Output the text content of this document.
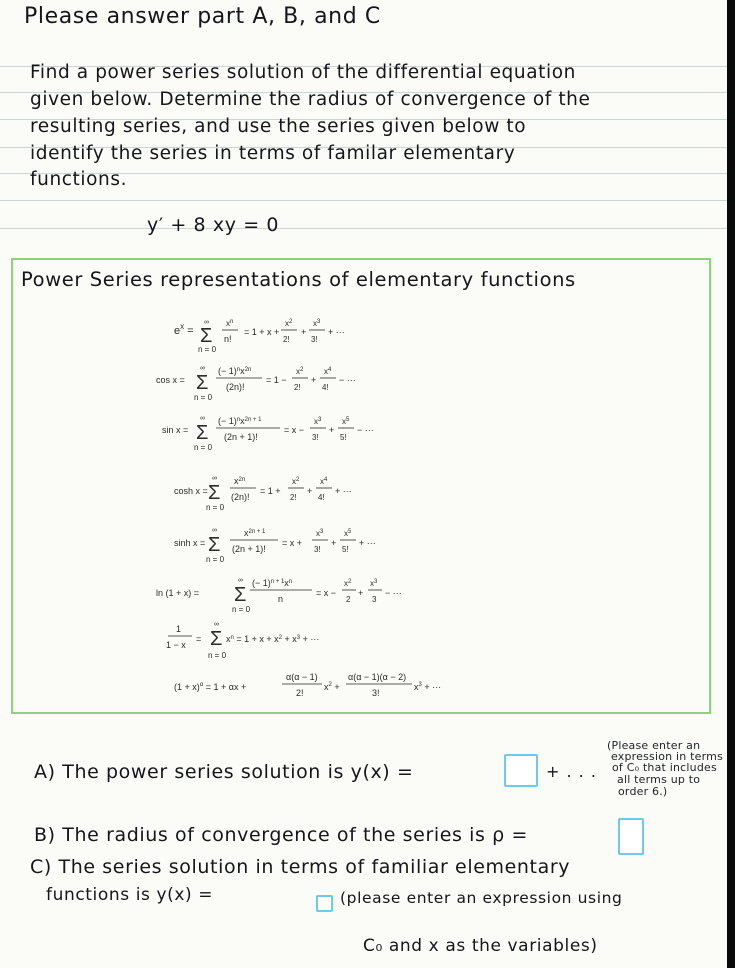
Please answer part A, B, and C
Find a power series solution of the differential equation
given below. Determine the radius of convergence of the
resulting series, and use the series given below to
identify the series in terms of familar elementary
functions.
y′ + 8 xy = 0
Power Series representations of elementary functions
$e^x$ =
∞
Σ
n = 0
$x^n$
n!
= 1 + x +
$x^2$
2!
+
$x^3$
3!
+ ···
cos x =
∞
Σ
n = 0
(− $1)^nx^{2n}$
(2n)!
= 1 −
$x^2$
2!
+
$x^4$
4!
− ···
sin x =
∞
Σ
n = 0
(− $1)^nx^{2n + 1}$
(2n + 1)!
= x −
$x^3$
3!
+
$x^5$
5!
− ···
cosh x =
∞
Σ
n = 0
$x^{2n}$
(2n)!
= 1 +
$x^2$
2!
+
$x^4$
4!
+ ···
sinh x =
∞
Σ
n = 0
$x^{2n + 1}$
(2n + 1)!
= x +
$x^3$
3!
+
$x^5$
5!
+ ···
ln (1 + x) =
∞
Σ
n = 0
(− $1)^{n + 1}x^n$
n
= x −
$x^2$
2
+
$x^3$
3
− ···
1
1 − x
=
∞
Σ
n = 0
$x^n = 1 + x + x^2 + x^3$ + ···
$(1 + x)^\alpha = 1 + \alpha x$ +
α(α − 1)
2!
$x^2$ +
α(α − 1)(α − 2)
3!
$x^3$ + ···
A) The power series solution is y(x) =	+ . . .
(Please enter an
expression in terms
of C₀ that includes
all terms up to
order 6.)
B) The radius of convergence of the series is ρ =
C) The series solution in terms of familiar elementary
functions is y(x) =	(please enter an expression using
C₀ and x as the variables)
